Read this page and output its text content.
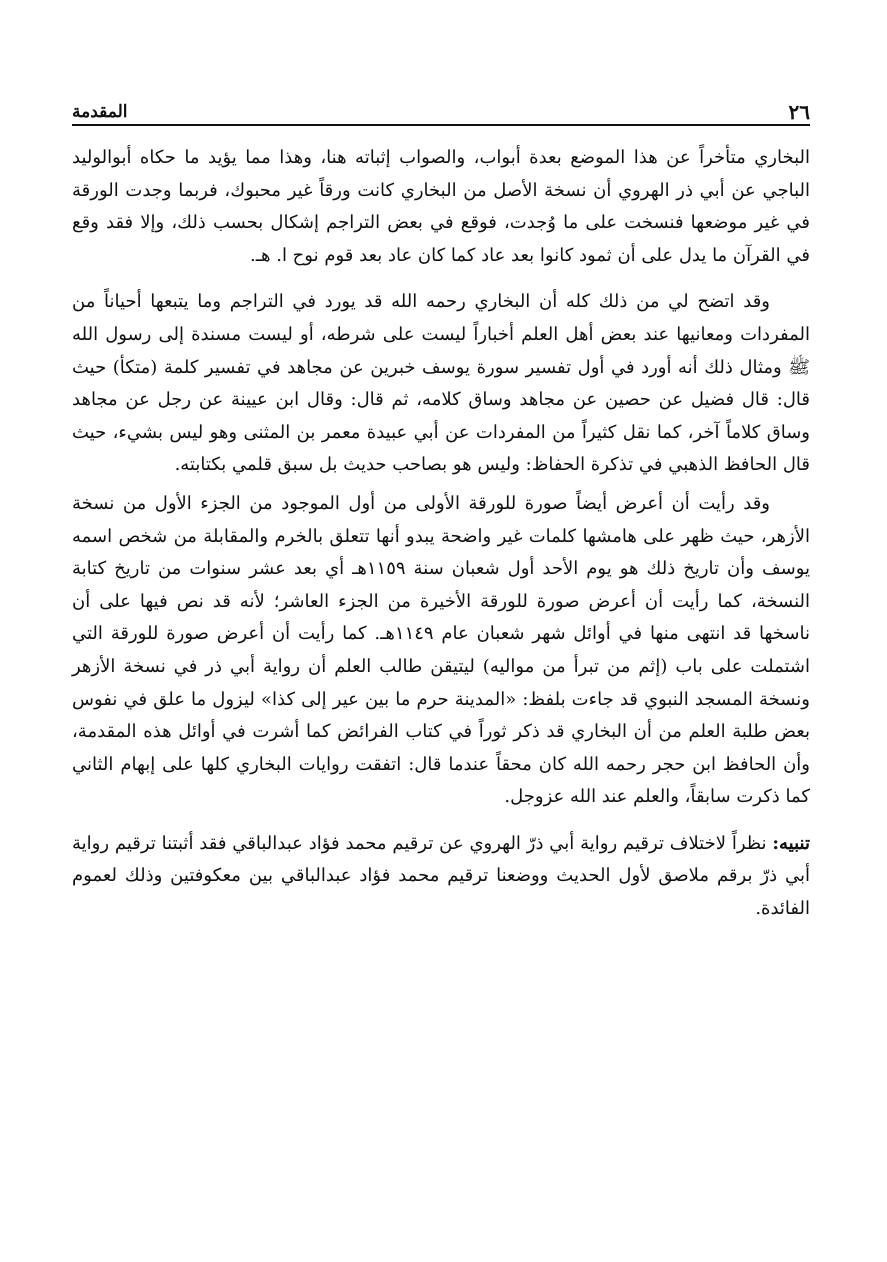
٢٦
المقدمة

البخاري متأخراً عن هذا الموضع بعدة أبواب، والصواب إثباته هنا، وهذا مما يؤيد ما حكاه أبوالوليد الباجي عن أبي ذر الهروي أن نسخة الأصل من البخاري كانت ورقاً غير محبوك، فربما وجدت الورقة في غير موضعها فنسخت على ما وُجدت، فوقع في بعض التراجم إشكال بحسب ذلك، وإلا فقد وقع في القرآن ما يدل على أن ثمود كانوا بعد عاد كما كان عاد بعد قوم نوح ا. هـ.

وقد اتضح لي من ذلك كله أن البخاري رحمه الله قد يورد في التراجم وما يتبعها أحياناً من المفردات ومعانيها عند بعض أهل العلم أخباراً ليست على شرطه، أو ليست مسندة إلى رسول الله ﷺ ومثال ذلك أنه أورد في أول تفسير سورة يوسف خبرين عن مجاهد في تفسير كلمة (متكأ) حيث قال: قال فضيل عن حصين عن مجاهد وساق كلامه، ثم قال: وقال ابن عيينة عن رجل عن مجاهد وساق كلاماً آخر، كما نقل كثيراً من المفردات عن أبي عبيدة معمر بن المثنى وهو ليس بشيء، حيث قال الحافظ الذهبي في تذكرة الحفاظ: وليس هو بصاحب حديث بل سبق قلمي بكتابته.

وقد رأيت أن أعرض أيضاً صورة للورقة الأولى من أول الموجود من الجزء الأول من نسخة الأزهر، حيث ظهر على هامشها كلمات غير واضحة يبدو أنها تتعلق بالخرم والمقابلة من شخص اسمه يوسف وأن تاريخ ذلك هو يوم الأحد أول شعبان سنة ١١٥٩هـ أي بعد عشر سنوات من تاريخ كتابة النسخة، كما رأيت أن أعرض صورة للورقة الأخيرة من الجزء العاشر؛ لأنه قد نص فيها على أن ناسخها قد انتهى منها في أوائل شهر شعبان عام ١١٤٩هـ. كما رأيت أن أعرض صورة للورقة التي اشتملت على باب (إثم من تبرأ من مواليه) ليتيقن طالب العلم أن رواية أبي ذر في نسخة الأزهر ونسخة المسجد النبوي قد جاءت بلفظ: «المدينة حرم ما بين عير إلى كذا» ليزول ما علق في نفوس بعض طلبة العلم من أن البخاري قد ذكر ثوراً في كتاب الفرائض كما أشرت في أوائل هذه المقدمة، وأن الحافظ ابن حجر رحمه الله كان محقاً عندما قال: اتفقت روايات البخاري كلها على إبهام الثاني كما ذكرت سابقاً، والعلم عند الله عزوجل.

تنبيه: نظراً لاختلاف ترقيم رواية أبي ذرّ الهروي عن ترقيم محمد فؤاد عبدالباقي فقد أثبتنا ترقيم رواية أبي ذرّ برقم ملاصق لأول الحديث ووضعنا ترقيم محمد فؤاد عبدالباقي بين معكوفتين وذلك لعموم الفائدة.
